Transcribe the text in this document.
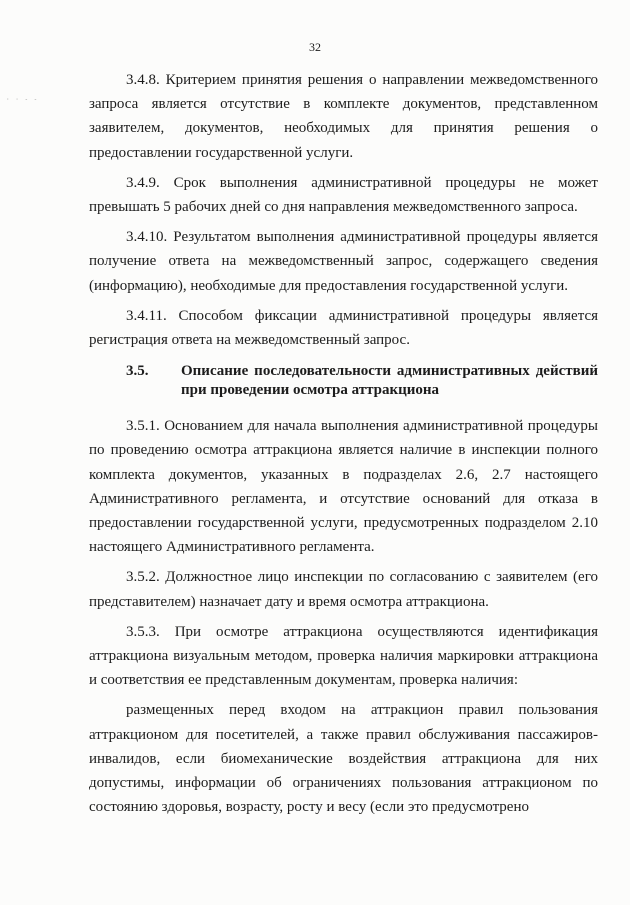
32
· · - -

3.4.8. Критерием принятия решения о направлении межведомственного запроса является отсутствие в комплекте документов, представленном заявителем, документов, необходимых для принятия решения о предоставлении государственной услуги.

3.4.9. Срок выполнения административной процедуры не может превышать 5 рабочих дней со дня направления межведомственного запроса.

3.4.10. Результатом выполнения административной процедуры является получение ответа на межведомственный запрос, содержащего сведения (информацию), необходимые для предоставления государственной услуги.

3.4.11. Способом фиксации административной процедуры является регистрация ответа на межведомственный запрос.

3.5. Описание последовательности административных действий при проведении осмотра аттракциона

3.5.1. Основанием для начала выполнения административной процедуры по проведению осмотра аттракциона является наличие в инспекции полного комплекта документов, указанных в подразделах 2.6, 2.7 настоящего Административного регламента, и отсутствие оснований для отказа в предоставлении государственной услуги, предусмотренных подразделом 2.10 настоящего Административного регламента.

3.5.2. Должностное лицо инспекции по согласованию с заявителем (его представителем) назначает дату и время осмотра аттракциона.

3.5.3. При осмотре аттракциона осуществляются идентификация аттракциона визуальным методом, проверка наличия маркировки аттракциона и соответствия ее представленным документам, проверка наличия:

размещенных перед входом на аттракцион правил пользования аттракционом для посетителей, а также правил обслуживания пассажиров-инвалидов, если биомеханические воздействия аттракциона для них допустимы, информации об ограничениях пользования аттракционом по состоянию здоровья, возрасту, росту и весу (если это предусмотрено
